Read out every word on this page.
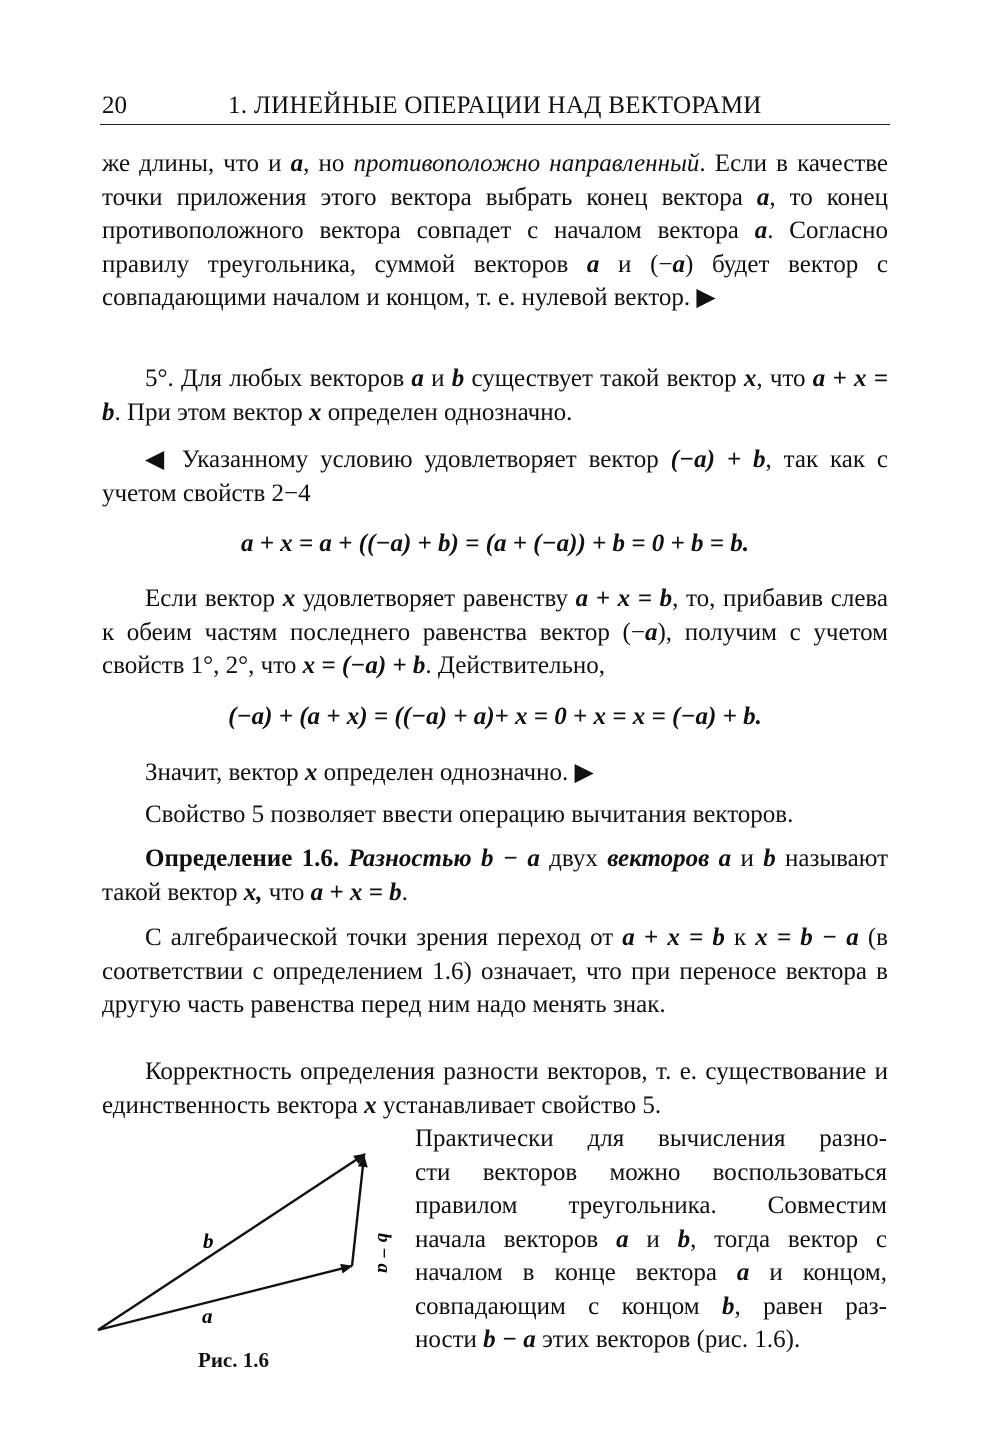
20	1. ЛИНЕЙНЫЕ ОПЕРАЦИИ НАД ВЕКТОРАМИ

же длины, что и a, но противоположно направленный. Если в качестве точки приложения этого вектора выбрать конец вектора a, то конец противоположного вектора совпадет с началом вектора a. Согласно правилу треугольника, суммой векторов a и (−a) будет вектор с совпадающими началом и концом, т. е. нулевой вектор. ▶

5°. Для любых векторов a и b существует такой вектор x, что a + x = b. При этом вектор x определен однозначно.

◀ Указанному условию удовлетворяет вектор (−a) + b, так как с учетом свойств 2−4

a + x = a + ((−a) + b) = (a + (−a)) + b = 0 + b = b.

Если вектор x удовлетворяет равенству a + x = b, то, прибавив слева к обеим частям последнего равенства вектор (−a), получим с учетом свойств 1°, 2°, что x = (−a) + b. Действительно,

(−a) + (a + x) = ((−a) + a)+ x = 0 + x = x = (−a) + b.

Значит, вектор x определен однозначно. ▶

Свойство 5 позволяет ввести операцию вычитания векторов.

Определение 1.6. Разностью b − a двух векторов a и b называют такой вектор x, что a + x = b.

С алгебраической точки зрения переход от a + x = b к x = b − a (в соответствии с определением 1.6) означает, что при переносе вектора в другую часть равенства перед ним надо менять знак.

Корректность определения разности векторов, т. е. существование и единственность вектора x устанавливает свойство 5.

Практически для вычисления разно-
сти векторов можно воспользоваться
правилом треугольника. Совместим
начала векторов a и b, тогда вектор с
началом в конце вектора a и концом,
совпадающим с концом b, равен раз-
ности b − a этих векторов (рис. 1.6).

b
a
b − a
Рис. 1.6
